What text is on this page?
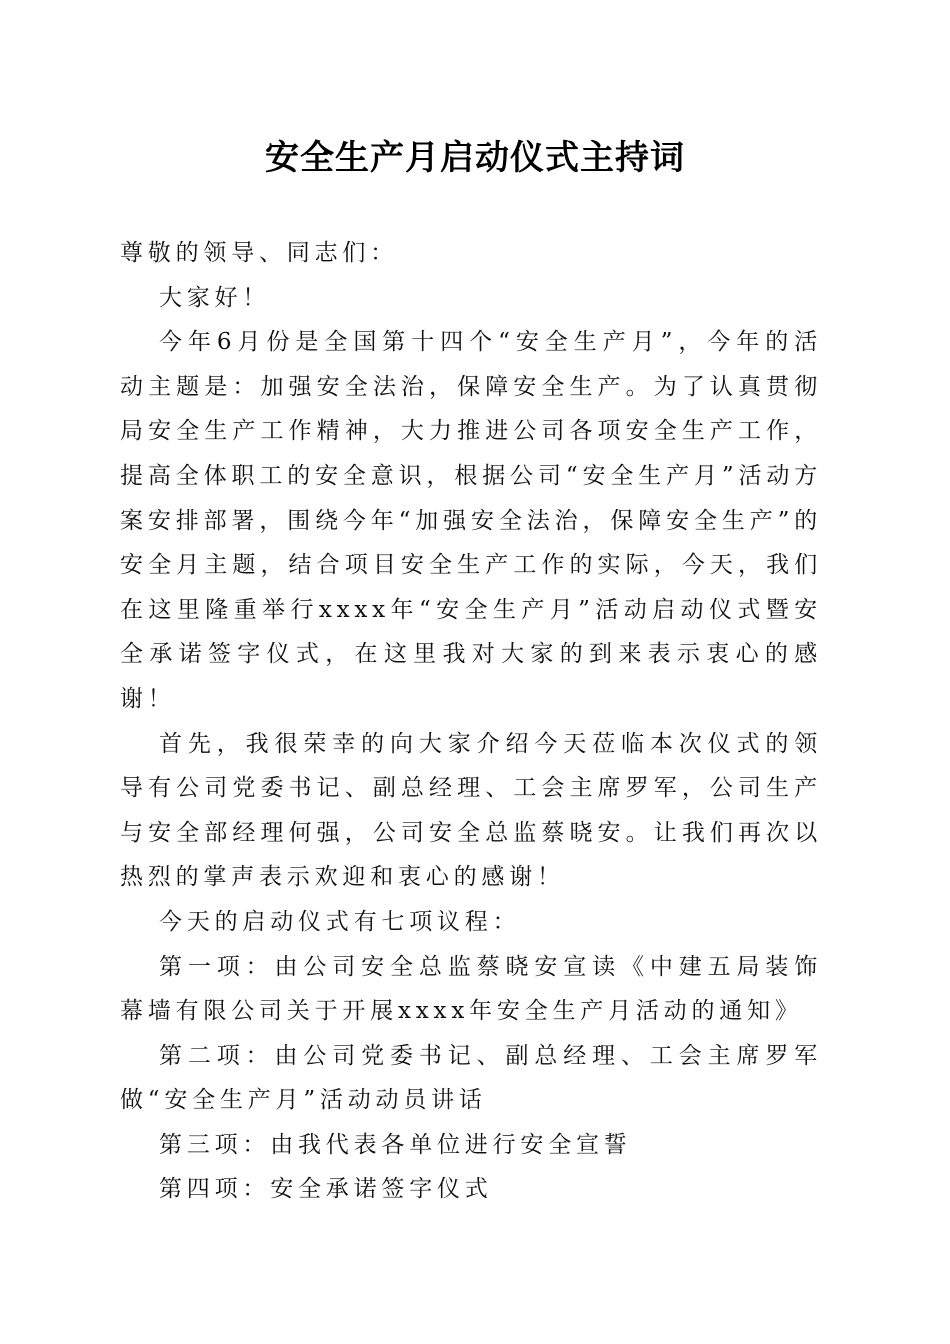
安全生产月启动仪式主持词

尊敬的领导、同志们：

大家好！

今年6月份是全国第十四个“安全生产月”，今年的活动主题是：加强安全法治，保障安全生产。为了认真贯彻局安全生产工作精神，大力推进公司各项安全生产工作，提高全体职工的安全意识，根据公司“安全生产月”活动方案安排部署，围绕今年“加强安全法治，保障安全生产”的安全月主题，结合项目安全生产工作的实际，今天，我们在这里隆重举行xxxx年“安全生产月”活动启动仪式暨安全承诺签字仪式，在这里我对大家的到来表示衷心的感谢！

首先，我很荣幸的向大家介绍今天莅临本次仪式的领导有公司党委书记、副总经理、工会主席罗军，公司生产与安全部经理何强，公司安全总监蔡晓安。让我们再次以热烈的掌声表示欢迎和衷心的感谢！

今天的启动仪式有七项议程：

第一项：由公司安全总监蔡晓安宣读《中建五局装饰幕墙有限公司关于开展xxxx年安全生产月活动的通知》

第二项：由公司党委书记、副总经理、工会主席罗军做“安全生产月”活动动员讲话

第三项：由我代表各单位进行安全宣誓

第四项：安全承诺签字仪式
